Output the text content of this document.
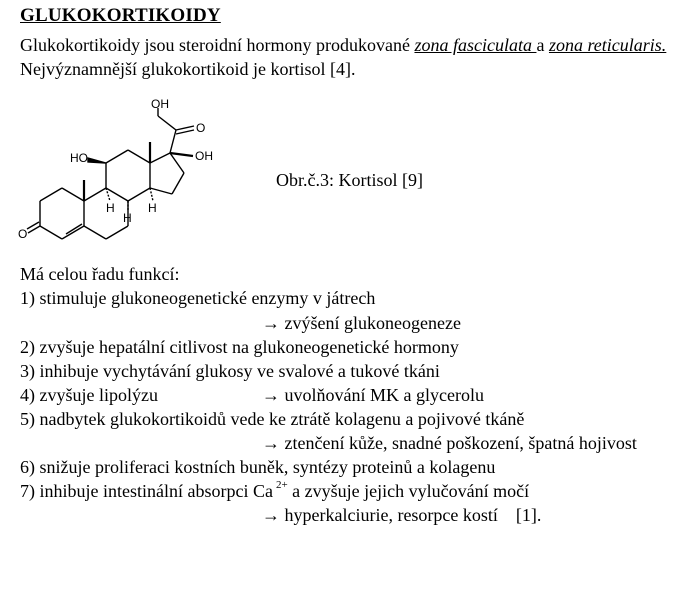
GLUKOKORTIKOIDY

Glukokortikoidy jsou steroidní hormony produkované zona fasciculata a zona reticularis. Nejvýznamnější glukokortikoid je kortisol [4].

OH
O
HO	OH
O
H
H	H
Obr.č.3: Kortisol [9]
Má celou řadu funkcí:
1) stimuluje glukoneogenetické enzymy v játrech
→ zvýšení glukoneogeneze
2) zvyšuje hepatální citlivost na glukoneogenetické hormony
3) inhibuje vychytávání glukosy ve svalové a tukové tkáni
4) zvyšuje lipolýzu	→ uvolňování MK a glycerolu
5) nadbytek glukokortikoidů vede ke ztrátě kolagenu a pojivové tkáně
→ ztenčení kůže, snadné poškození, špatná hojivost
6) snižuje proliferaci kostních buněk, syntézy proteinů a kolagenu
7) inhibuje intestinální absorpci Ca $^{2+}$ a zvyšuje jejich vylučování močí
→ hyperkalciurie, resorpce kostí    [1].
